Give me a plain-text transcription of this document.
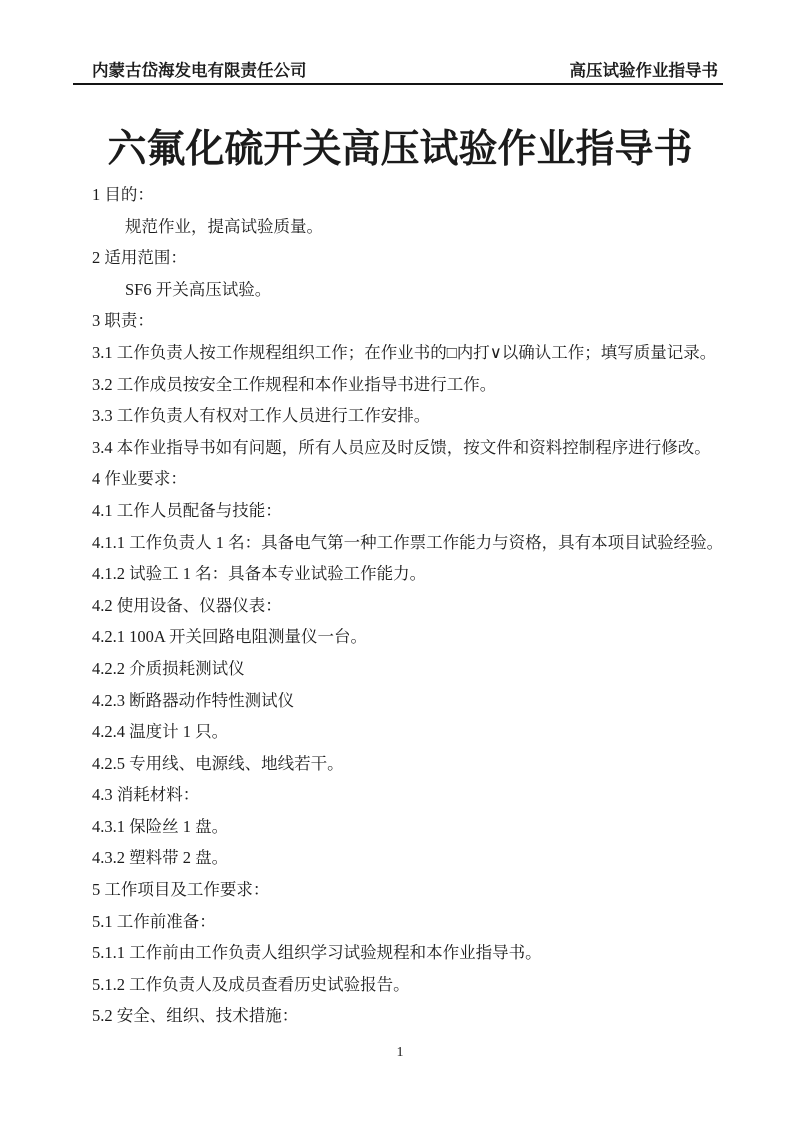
内蒙古岱海发电有限责任公司	高压试验作业指导书
六氟化硫开关高压试验作业指导书
1 目的：
规范作业，提高试验质量。
2 适用范围：
SF6 开关高压试验。
3 职责：
3.1 工作负责人按工作规程组织工作；在作业书的□内打∨以确认工作；填写质量记录。
3.2 工作成员按安全工作规程和本作业指导书进行工作。
3.3 工作负责人有权对工作人员进行工作安排。
3.4 本作业指导书如有问题，所有人员应及时反馈，按文件和资料控制程序进行修改。
4 作业要求：
4.1 工作人员配备与技能：
4.1.1 工作负责人 1 名：具备电气第一种工作票工作能力与资格，具有本项目试验经验。
4.1.2 试验工 1 名：具备本专业试验工作能力。
4.2 使用设备、仪器仪表：
4.2.1 100A 开关回路电阻测量仪一台。
4.2.2 介质损耗测试仪
4.2.3 断路器动作特性测试仪
4.2.4 温度计 1 只。
4.2.5 专用线、电源线、地线若干。
4.3 消耗材料：
4.3.1 保险丝 1 盘。
4.3.2 塑料带 2 盘。
5 工作项目及工作要求：
5.1 工作前准备：
5.1.1 工作前由工作负责人组织学习试验规程和本作业指导书。
5.1.2 工作负责人及成员查看历史试验报告。
5.2 安全、组织、技术措施：
1
